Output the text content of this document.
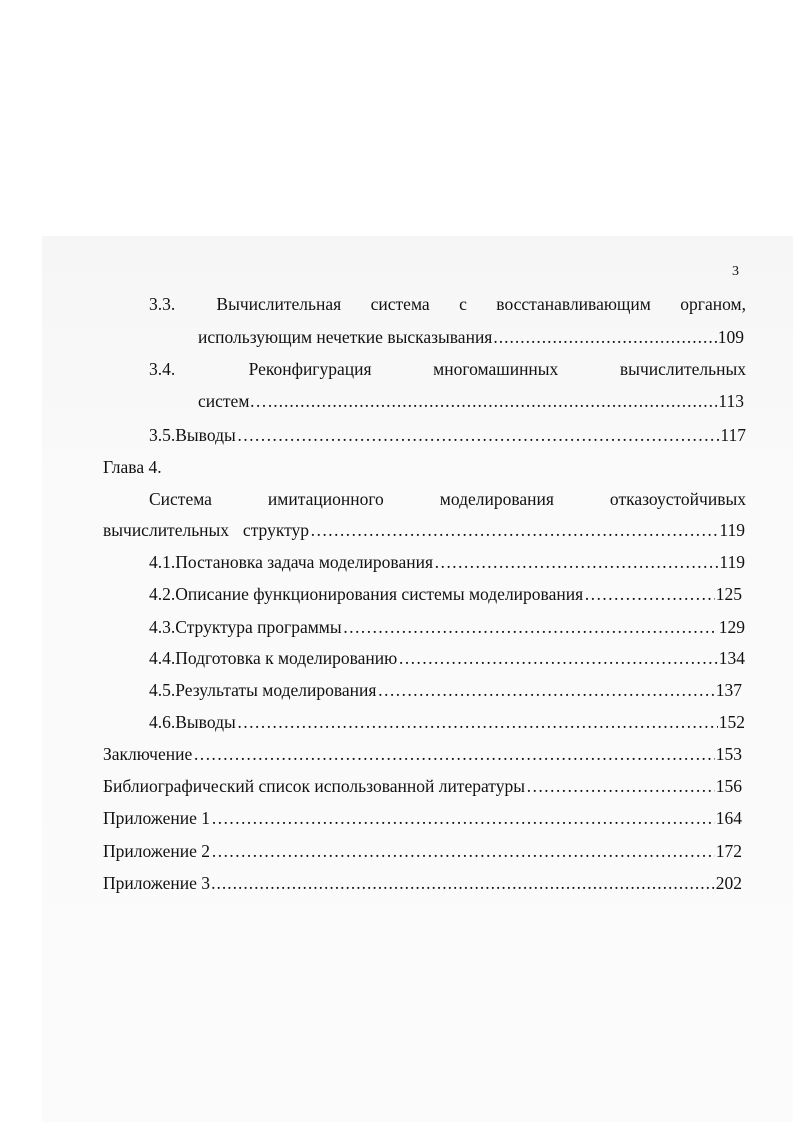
3
3.3.	Вычислительная система с восстанавливающим органом,
использующим нечеткие высказывания .....	109
3.4.	Реконфигурация	многомашинных	вычислительных
систем… .....	113
3.5. Выводы ……………………………………………………………………………………………………………………………………………………………………………………………………………………………………………………………………………	117
Глава 4.
Система	имитационного	моделирования	отказоустойчивых
вычислительных структур ……………………………………………………………………………………………………………………………………………………………………………………………………………………………………………………………………………	119
4.1. Постановка задача моделирования ……………………………………………………………………………………………………………………………………………………………………………………………………………………………………………………………………………	119
4.2. Описание функционирования системы моделирования ……………………………………………………………………………………………………………………………………………………………………………………………………………………………………………………………………………	125
4.3. Структура программы ……………………………………………………………………………………………………………………………………………………………………………………………………………………………………………………………………………	129
4.4. Подготовка к моделированию ……………………………………………………………………………………………………………………………………………………………………………………………………………………………………………………………………………	134
4.5. Результаты моделирования ……………………………………………………………………………………………………………………………………………………………………………………………………………………………………………………………………………	137
4.6. Выводы ……………………………………………………………………………………………………………………………………………………………………………………………………………………………………………………………………………	152
Заключение ……………………………………………………………………………………………………………………………………………………………………………………………………………………………………………………………………………	153
Библиографический список использованной литературы ……………………………………………………………………………………………………………………………………………………………………………………………………………………………………………………………………………	156
Приложение 1 ……………………………………………………………………………………………………………………………………………………………………………………………………………………………………………………………………………	164
Приложение 2 ……………………………………………………………………………………………………………………………………………………………………………………………………………………………………………………………………………	172
Приложение 3 .....	202
